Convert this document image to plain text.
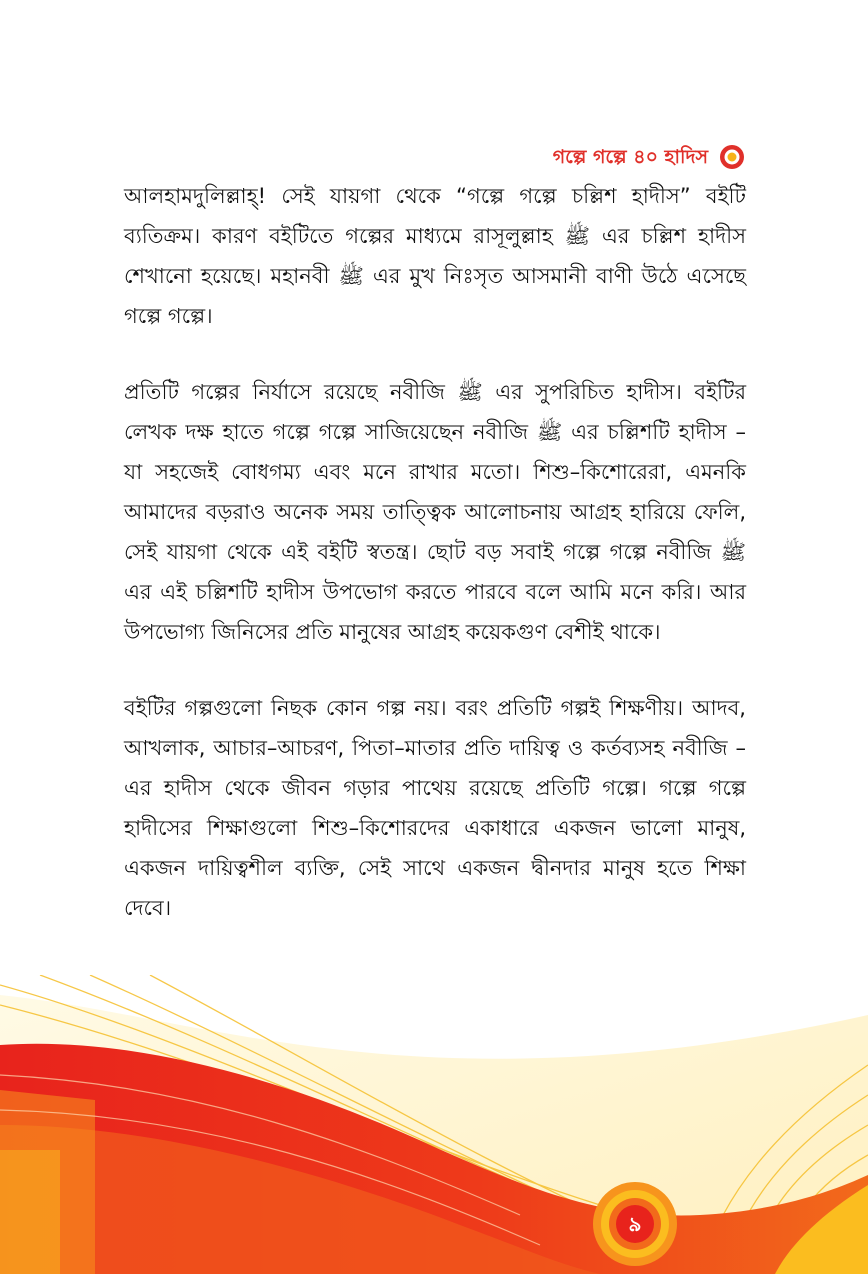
গল্পে গল্পে ৪০ হাদিস

আলহামদুলিল্লাহ্! সেই যায়গা থেকে “গল্পে গল্পে চল্লিশ হাদীস” বইটি ব্যতিক্রম। কারণ বইটিতে গল্পের মাধ্যমে রাসূলুল্লাহ ﷺ এর চল্লিশ হাদীস শেখানো হয়েছে। মহানবী ﷺ এর মুখ নিঃসৃত আসমানী বাণী উঠে এসেছে গল্পে গল্পে।

প্রতিটি গল্পের নির্যাসে রয়েছে নবীজি ﷺ এর সুপরিচিত হাদীস। বইটির লেখক দক্ষ হাতে গল্পে গল্পে সাজিয়েছেন নবীজি ﷺ এর চল্লিশটি হাদীস – যা সহজেই বোধগম্য এবং মনে রাখার মতো। শিশু–কিশোরেরা, এমনকি আমাদের বড়রাও অনেক সময় তাত্ত্বিক আলোচনায় আগ্রহ হারিয়ে ফেলি, সেই যায়গা থেকে এই বইটি স্বতন্ত্র। ছোট বড় সবাই গল্পে গল্পে নবীজি ﷺ এর এই চল্লিশটি হাদীস উপভোগ করতে পারবে বলে আমি মনে করি। আর উপভোগ্য জিনিসের প্রতি মানুষের আগ্রহ কয়েকগুণ বেশীই থাকে।

বইটির গল্পগুলো নিছক কোন গল্প নয়। বরং প্রতিটি গল্পই শিক্ষণীয়। আদব, আখলাক, আচার–আচরণ, পিতা–মাতার প্রতি দায়িত্ব ও কর্তব্যসহ নবীজি – এর হাদীস থেকে জীবন গড়ার পাথেয় রয়েছে প্রতিটি গল্পে। গল্পে গল্পে হাদীসের শিক্ষাগুলো শিশু–কিশোরদের একাধারে একজন ভালো মানুষ, একজন দায়িত্বশীল ব্যক্তি, সেই সাথে একজন দ্বীনদার মানুষ হতে শিক্ষা দেবে।

৯
